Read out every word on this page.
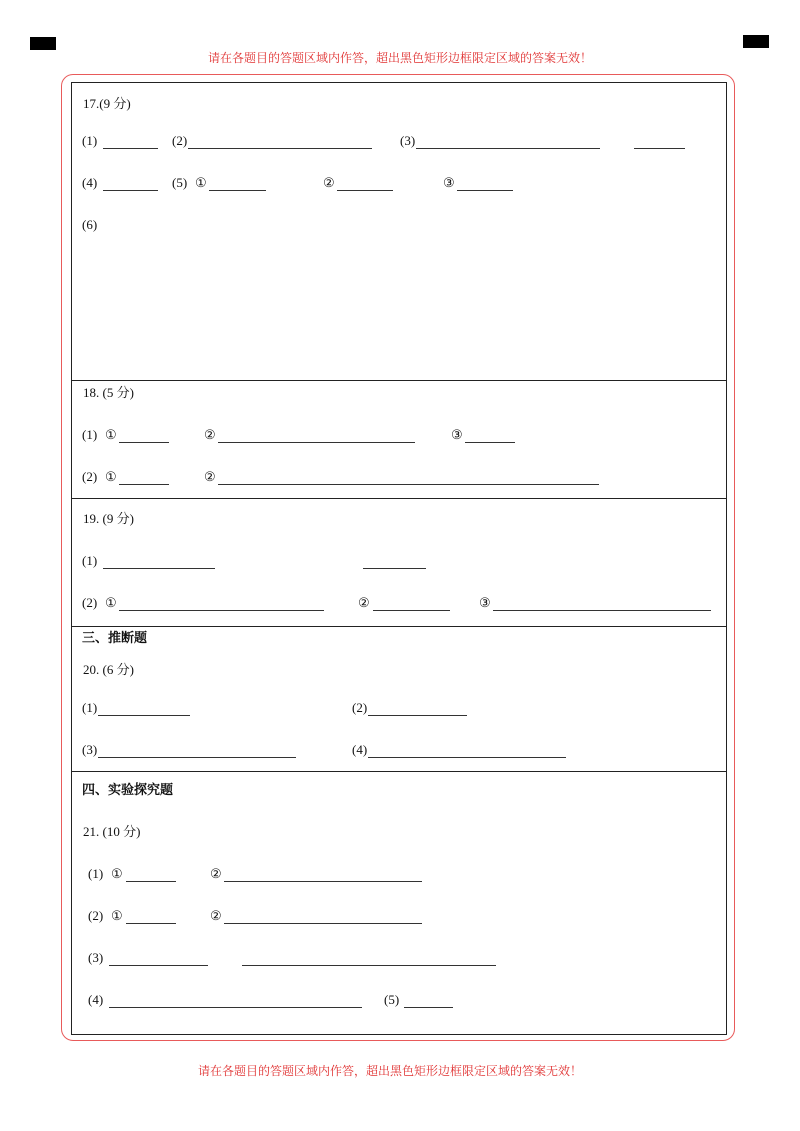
请在各题目的答题区域内作答，超出黑色矩形边框限定区域的答案无效！
17.(9 分)
(1)	(2)	(3)
(4)	(5) ①	②	③
(6)
18. (5 分)
(1) ①	②	③
(2) ①	②
19. (9 分)
(1)
(2) ①	②	③
三、推断题
20. (6 分)
(1)	(2)
(3)	(4)
四、实验探究题
21. (10 分)
(1) ①	②
(2) ①	②
(3)
(4)	(5)
请在各题目的答题区域内作答，超出黑色矩形边框限定区域的答案无效！
